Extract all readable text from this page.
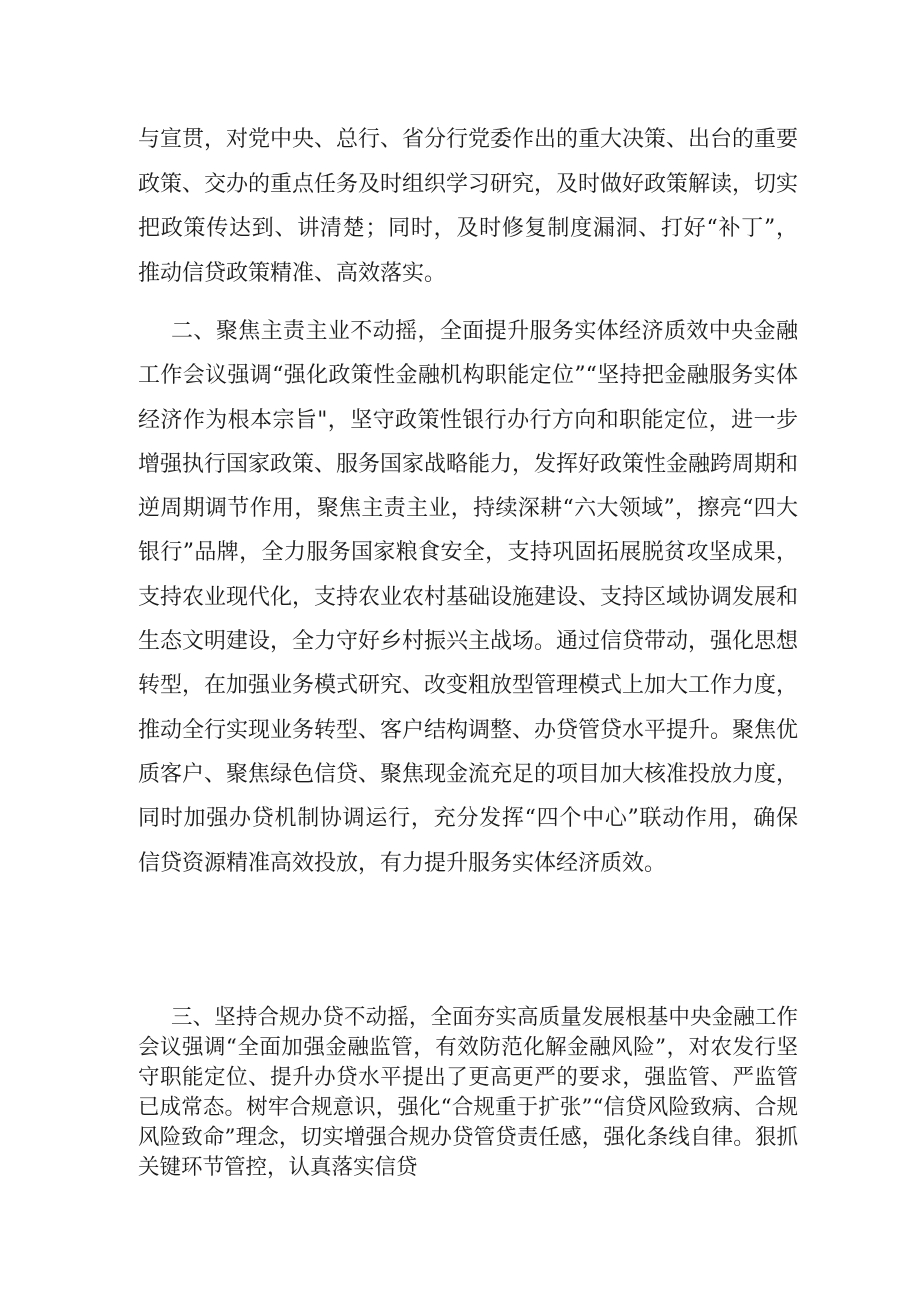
与宣贯，对党中央、总行、省分行党委作出的重大决策、出台的重要政策、交办的重点任务及时组织学习研究，及时做好政策解读，切实把政策传达到、讲清楚；同时，及时修复制度漏洞、打好“补丁”，推动信贷政策精准、高效落实。

二、聚焦主责主业不动摇，全面提升服务实体经济质效中央金融工作会议强调“强化政策性金融机构职能定位”“坚持把金融服务实体经济作为根本宗旨"，坚守政策性银行办行方向和职能定位，进一步增强执行国家政策、服务国家战略能力，发挥好政策性金融跨周期和逆周期调节作用，聚焦主责主业，持续深耕“六大领域”，擦亮“四大银行”品牌，全力服务国家粮食安全，支持巩固拓展脱贫攻坚成果，支持农业现代化，支持农业农村基础设施建设、支持区域协调发展和生态文明建设，全力守好乡村振兴主战场。通过信贷带动，强化思想转型，在加强业务模式研究、改变粗放型管理模式上加大工作力度，推动全行实现业务转型、客户结构调整、办贷管贷水平提升。聚焦优质客户、聚焦绿色信贷、聚焦现金流充足的项目加大核准投放力度，同时加强办贷机制协调运行，充分发挥“四个中心”联动作用，确保信贷资源精准高效投放，有力提升服务实体经济质效。

三、坚持合规办贷不动摇，全面夯实高质量发展根基中央金融工作会议强调“全面加强金融监管，有效防范化解金融风险”，对农发行坚守职能定位、提升办贷水平提出了更高更严的要求，强监管、严监管已成常态。树牢合规意识，强化“合规重于扩张”“信贷风险致病、合规风险致命”理念，切实增强合规办贷管贷责任感，强化条线自律。狠抓关键环节管控，认真落实信贷
